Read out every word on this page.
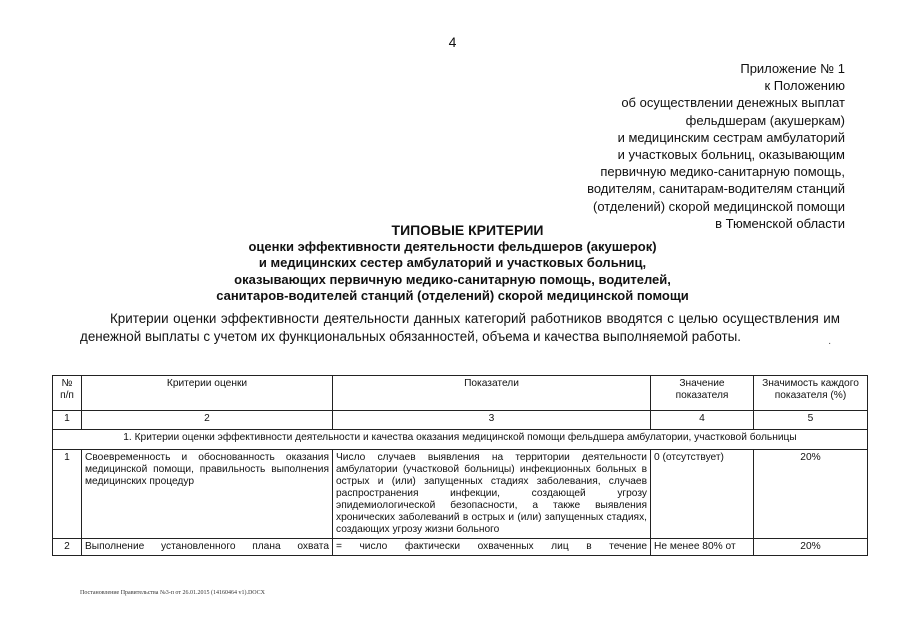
4
Приложение № 1
к Положению
об осуществлении денежных выплат
фельдшерам (акушеркам)
и медицинским сестрам амбулаторий
и участковых больниц, оказывающим
первичную медико-санитарную помощь,
водителям, санитарам-водителям станций
(отделений) скорой медицинской помощи
в Тюменской области
ТИПОВЫЕ КРИТЕРИИ
оценки эффективности деятельности фельдшеров (акушерок)
и медицинских сестер амбулаторий и участковых больниц,
оказывающих первичную медико-санитарную помощь, водителей,
санитаров-водителей станций (отделений) скорой медицинской помощи
Критерии оценки эффективности деятельности данных категорий работников вводятся с целью осуществления им денежной выплаты с учетом их функциональных обязанностей, объема и качества выполняемой работы.	·
№ п/п	Критерии оценки	Показатели	Значение показателя	Значимость каждого показателя (%)
1	2	3	4	5
1. Критерии оценки эффективности деятельности и качества оказания медицинской помощи фельдшера амбулатории, участковой больницы				
1	Своевременность и обоснованность оказания медицинской помощи, правильность выполнения медицинских процедур	Число случаев выявления на территории деятельности амбулатории (участковой больницы) инфекционных больных в острых и (или) запущенных стадиях заболевания, случаев распространения инфекции, создающей угрозу эпидемиологической безопасности, а также выявления хронических заболеваний в острых и (или) запущенных стадиях, создающих угрозу жизни больного	0 (отсутствует)	20%
2	Выполнение установленного плана охвата	= число фактически охваченных лиц в течение	Не менее 80% от	20%
Постановление Правительства №3-п от 26.01.2015 (14160464 v1).DOCX
